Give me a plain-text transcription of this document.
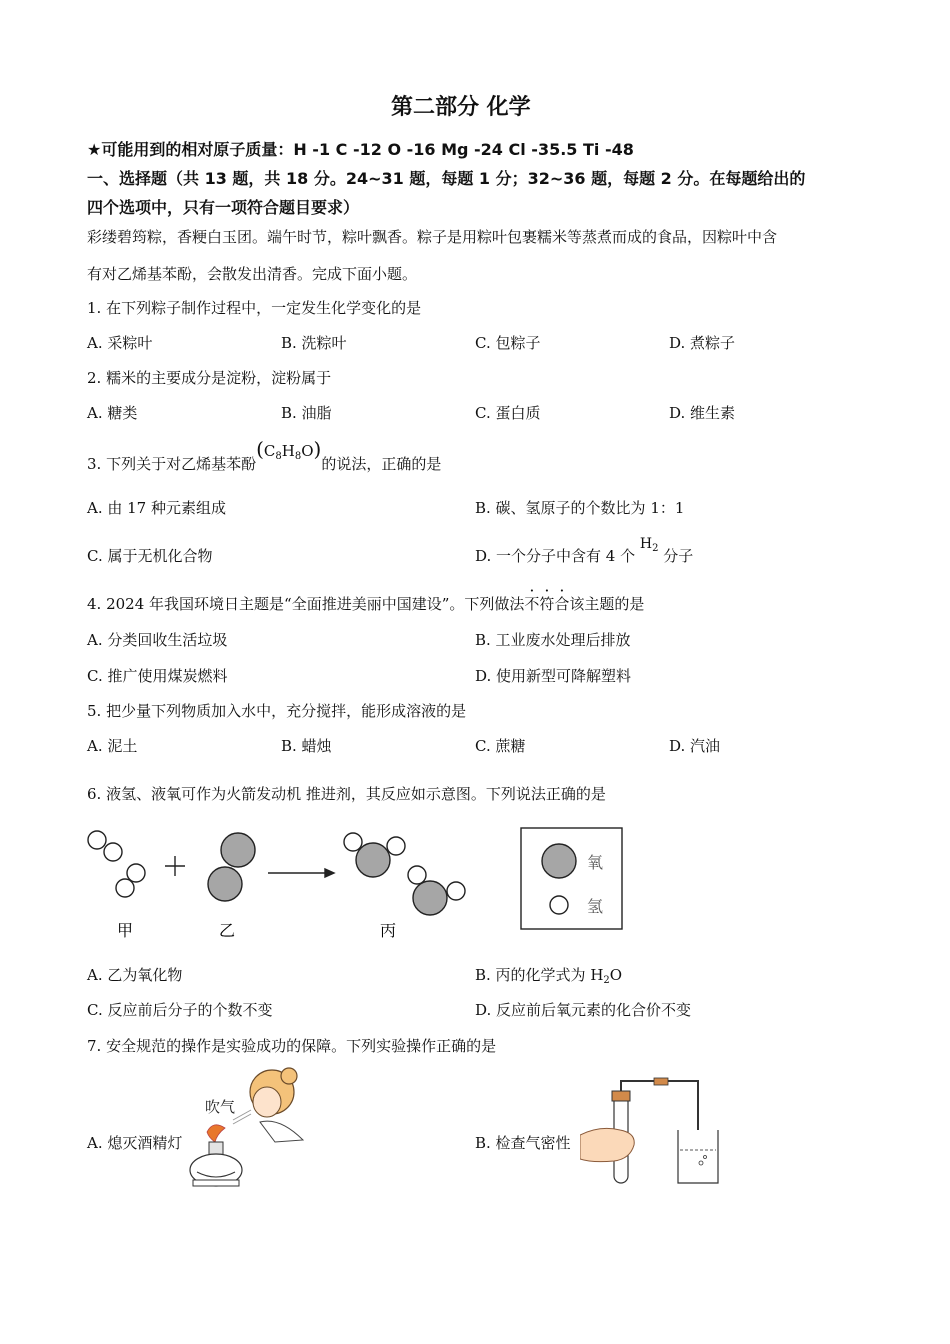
第二部分 化学
★可能用到的相对原子质量：H -1 C -12 O -16 Mg -24 Cl -35.5 Ti -48
一、选择题（共 13 题，共 18 分。24~31 题，每题 1 分；32~36 题，每题 2 分。在每题给出的
四个选项中，只有一项符合题目要求）
彩缕碧筠粽，香粳白玉团。端午时节，粽叶飘香。粽子是用粽叶包裹糯米等蒸煮而成的食品，因粽叶中含
有对乙烯基苯酚，会散发出清香。完成下面小题。
1. 在下列粽子制作过程中，一定发生化学变化的是
A. 采粽叶	B. 洗粽叶	C. 包粽子	D. 煮粽子
2. 糯米的主要成分是淀粉，淀粉属于
A. 糖类	B. 油脂	C. 蛋白质	D. 维生素
3. 下列关于对乙烯基苯酚$(C_8H_8O)$的说法，正确的是
A. 由 17 种元素组成	B. 碳、氢原子的个数比为 1：1
C. 属于无机化合物	D. 一个分子中含有 4 个 $H_2$ 分子
4. 2024 年我国环境日主题是“全面推进美丽中国建设”。下列做法不符合该主题的是
A. 分类回收生活垃圾	B. 工业废水处理后排放
C. 推广使用煤炭燃料	D. 使用新型可降解塑料
5. 把少量下列物质加入水中，充分搅拌，能形成溶液的是
A. 泥土	B. 蜡烛	C. 蔗糖	D. 汽油
6. 液氢、液氧可作为火箭发动机 推进剂，其反应如示意图。下列说法正确的是
甲	乙	丙
氧
氢
A. 乙为氧化物	B. 丙的化学式为 $H_2O$
C. 反应前后分子的个数不变	D. 反应前后氧元素的化合价不变
7. 安全规范的操作是实验成功的保障。下列实验操作正确的是
A. 熄灭酒精灯	B. 检查气密性
吹气
